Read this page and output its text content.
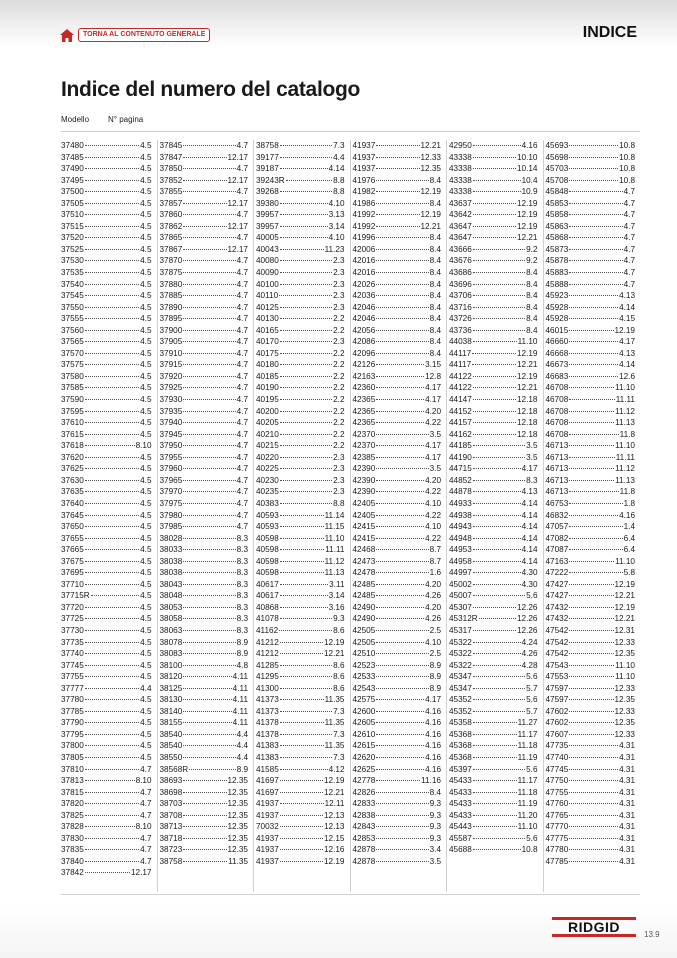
TORNA AL CONTENUTO GENERALE	INDICE
Indice del numero del catalogo
Modello N° pagina
37480	4.5
37485	4.5
37490	4.5
37495	4.5
37500	4.5
37505	4.5
37510	4.5
37515	4.5
37520	4.5
37525	4.5
37530	4.5
37535	4.5
37540	4.5
37545	4.5
37550	4.5
37555	4.5
37560	4.5
37565	4.5
37570	4.5
37575	4.5
37580	4.5
37585	4.5
37590	4.5
37595	4.5
37610	4.5
37615	4.5
37618	8.10
37620	4.5
37625	4.5
37630	4.5
37635	4.5
37640	4.5
37645	4.5
37650	4.5
37655	4.5
37665	4.5
37675	4.5
37695	4.5
37710	4.5
37715R	4.5
37720	4.5
37725	4.5
37730	4.5
37735	4.5
37740	4.5
37745	4.5
37755	4.5
37777	4.4
37780	4.5
37785	4.5
37790	4.5
37795	4.5
37800	4.5
37805	4.5
37810	4.7
37813	8.10
37815	4.7
37820	4.7
37825	4.7
37828	8.10
37830	4.7
37835	4.7
37840	4.7
37842	12.17
37845	4.7
37847	12.17
37850	4.7
37852	12.17
37855	4.7
37857	12.17
37860	4.7
37862	12.17
37865	4.7
37867	12.17
37870	4.7
37875	4.7
37880	4.7
37885	4.7
37890	4.7
37895	4.7
37900	4.7
37905	4.7
37910	4.7
37915	4.7
37920	4.7
37925	4.7
37930	4.7
37935	4.7
37940	4.7
37945	4.7
37950	4.7
37955	4.7
37960	4.7
37965	4.7
37970	4.7
37975	4.7
37980	4.7
37985	4.7
38028	8.3
38033	8.3
38038	8.3
38038	8.3
38043	8.3
38048	8.3
38053	8.3
38058	8.3
38063	8.3
38078	8.9
38083	8.9
38100	4.8
38120	4.11
38125	4.11
38130	4.11
38140	4.11
38155	4.11
38540	4.4
38540	4.4
38550	4.4
38568R	8.9
38693	12.35
38698	12.35
38703	12.35
38708	12.35
38713	12.35
38718	12.35
38723	12.35
38758	11.35
38758	7.3
39177	4.4
39187	4.14
39243R	8.8
39268	8.8
39380	4.10
39957	3.13
39957	3.14
40005	4.10
40043	11.23
40080	2.3
40090	2.3
40100	2.3
40110	2.3
40125	2.3
40130	2.2
40165	2.2
40170	2.3
40175	2.2
40180	2.2
40185	2.2
40190	2.2
40195	2.2
40200	2.2
40205	2.2
40210	2.2
40215	2.2
40220	2.3
40225	2.3
40230	2.3
40235	2.3
40383	8.8
40593	11.14
40593	11.15
40598	11.10
40598	11.11
40598	11.12
40598	11.13
40617	3.11
40617	3.14
40868	3.16
41078	9.3
41162	8.6
41212	12.19
41212	12.21
41285	8.6
41295	8.6
41300	8.6
41373	11.35
41373	7.3
41378	11.35
41378	7.3
41383	11.35
41383	7.3
41585	4.12
41697	12.19
41697	12.21
41937	12.11
41937	12.13
70032	12.13
41937	12.15
41937	12.16
41937	12.19
41937	12.21
41937	12.33
41937	12.35
41976	8.4
41982	12.19
41986	8.4
41992	12.19
41992	12.21
41996	8.4
42006	8.4
42016	8.4
42016	8.4
42026	8.4
42036	8.4
42046	8.4
42046	8.4
42056	8.4
42086	8.4
42096	8.4
42126	3.15
42163	12.8
42360	4.17
42365	4.17
42365	4.20
42365	4.22
42370	3.5
42370	4.17
42385	4.17
42390	3.5
42390	4.20
42390	4.22
42405	4.10
42405	4.22
42415	4.10
42415	4.22
42468	8.7
42473	8.7
42478	1.6
42485	4.20
42485	4.26
42490	4.20
42490	4.26
42505	2.5
42505	4.10
42510	2.5
42523	8.9
42533	8.9
42543	8.9
42575	4.17
42600	4.16
42605	4.16
42610	4.16
42615	4.16
42620	4.16
42625	4.16
42778	11.16
42826	8.4
42833	9.3
42838	9.3
42843	9.3
42853	9.3
42878	3.4
42878	3.5
42950	4.16
43338	10.10
43338	10.14
43338	10.4
43338	10.9
43637	12.19
43642	12.19
43647	12.19
43647	12.21
43666	9.2
43676	9.2
43686	8.4
43696	8.4
43706	8.4
43716	8.4
43726	8.4
43736	8.4
44038	11.10
44117	12.19
44117	12.21
44122	12.19
44122	12.21
44147	12.18
44152	12.18
44157	12.18
44162	12.18
44185	3.5
44190	3.5
44715	4.17
44852	8.3
44878	4.13
44933	4.14
44938	4.14
44943	4.14
44948	4.14
44953	4.14
44958	4.14
44997	4.30
45002	4.30
45007	5.6
45307	12.26
45312R	12.26
45317	12.26
45322	4.24
45322	4.26
45322	4.28
45347	5.6
45347	5.7
45352	5.6
45352	5.7
45358	11.27
45368	11.17
45368	11.18
45368	11.19
45397	5.6
45433	11.17
45433	11.18
45433	11.19
45433	11.20
45443	11.10
45587	5.6
45688	10.8
45693	10.8
45698	10.8
45703	10.8
45708	10.8
45848	4.7
45853	4.7
45858	4.7
45863	4.7
45868	4.7
45873	4.7
45878	4.7
45883	4.7
45888	4.7
45923	4.13
45928	4.14
45928	4.15
46015	12.19
46660	4.17
46668	4.13
46673	4.14
46683	12.6
46708	11.10
46708	11.11
46708	11.12
46708	11.13
46708	11.8
46713	11.10
46713	11.11
46713	11.12
46713	11.13
46713	11.8
46753	1.8
46832	4.16
47057	1.4
47082	6.4
47087	6.4
47163	11.10
47222	5.8
47427	12.19
47427	12.21
47432	12.19
47432	12.21
47542	12.31
47542	12.33
47542	12.35
47543	11.10
47553	11.10
47597	12.33
47597	12.35
47602	12.33
47602	12.35
47607	12.33
47735	4.31
47740	4.31
47745	4.31
47750	4.31
47755	4.31
47760	4.31
47765	4.31
47770	4.31
47775	4.31
47780	4.31
47785	4.31
RIDGID	13.9
